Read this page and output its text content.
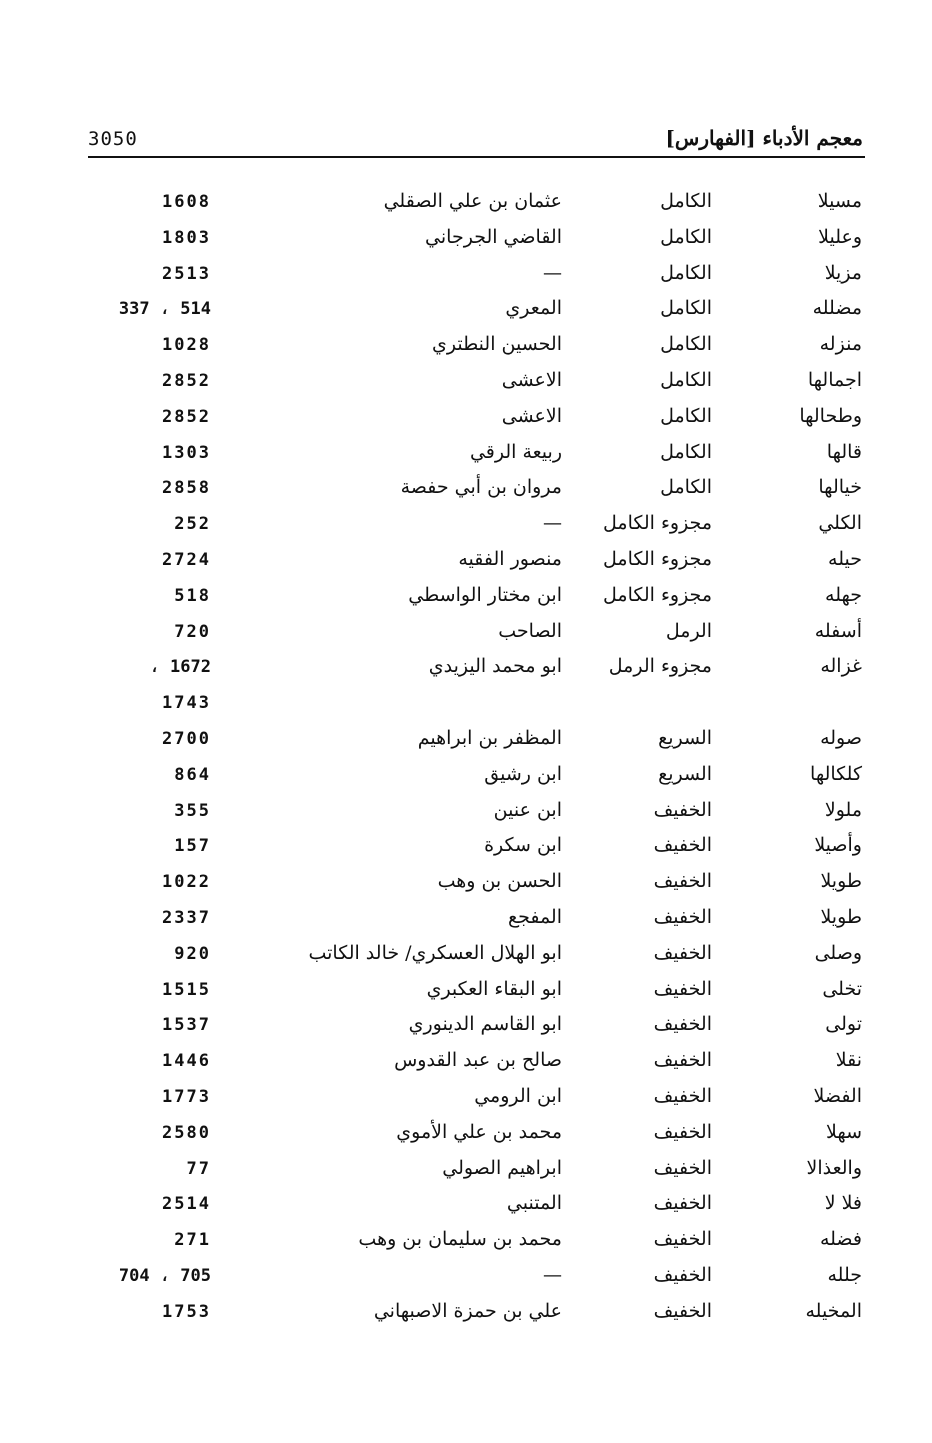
3050	معجم الأدباء [الفهارس]
مسيلا
الكامل
عثمان بن علي الصقلي
1608
وعليلا
الكامل
القاضي الجرجاني
1803
مزيلا
الكامل
—
2513
مضلله
الكامل
المعري
337 ، 514
منزله
الكامل
الحسين النطتري
1028
اجمالها
الكامل
الاعشى
2852
وطحالها
الكامل
الاعشى
2852
قالها
الكامل
ربيعة الرقي
1303
خيالها
الكامل
مروان بن أبي حفصة
2858
الكلي
مجزوء الكامل
—
252
حيله
مجزوء الكامل
منصور الفقيه
2724
جهله
مجزوء الكامل
ابن مختار الواسطي
518
أسفله
الرمل
الصاحب
720
غزاله
مجزوء الرمل
ابو محمد اليزيدي
، 1672
1743
صوله
السريع
المظفر بن ابراهيم
2700
كلكالها
السريع
ابن رشيق
864
ملولا
الخفيف
ابن عنين
355
وأصيلا
الخفيف
ابن سكرة
157
طويلا
الخفيف
الحسن بن وهب
1022
طويلا
الخفيف
المفجع
2337
وصلى
الخفيف
ابو الهلال العسكري/ خالد الكاتب
920
تخلى
الخفيف
ابو البقاء العكبري
1515
تولى
الخفيف
ابو القاسم الدينوري
1537
نقلا
الخفيف
صالح بن عبد القدوس
1446
الفضلا
الخفيف
ابن الرومي
1773
سهلا
الخفيف
محمد بن علي الأموي
2580
والعذالا
الخفيف
ابراهيم الصولي
77
فلا لا
الخفيف
المتنبي
2514
فضله
الخفيف
محمد بن سليمان بن وهب
271
جلله
الخفيف
—
704 ، 705
المخيله
الخفيف
علي بن حمزة الاصبهاني
1753
